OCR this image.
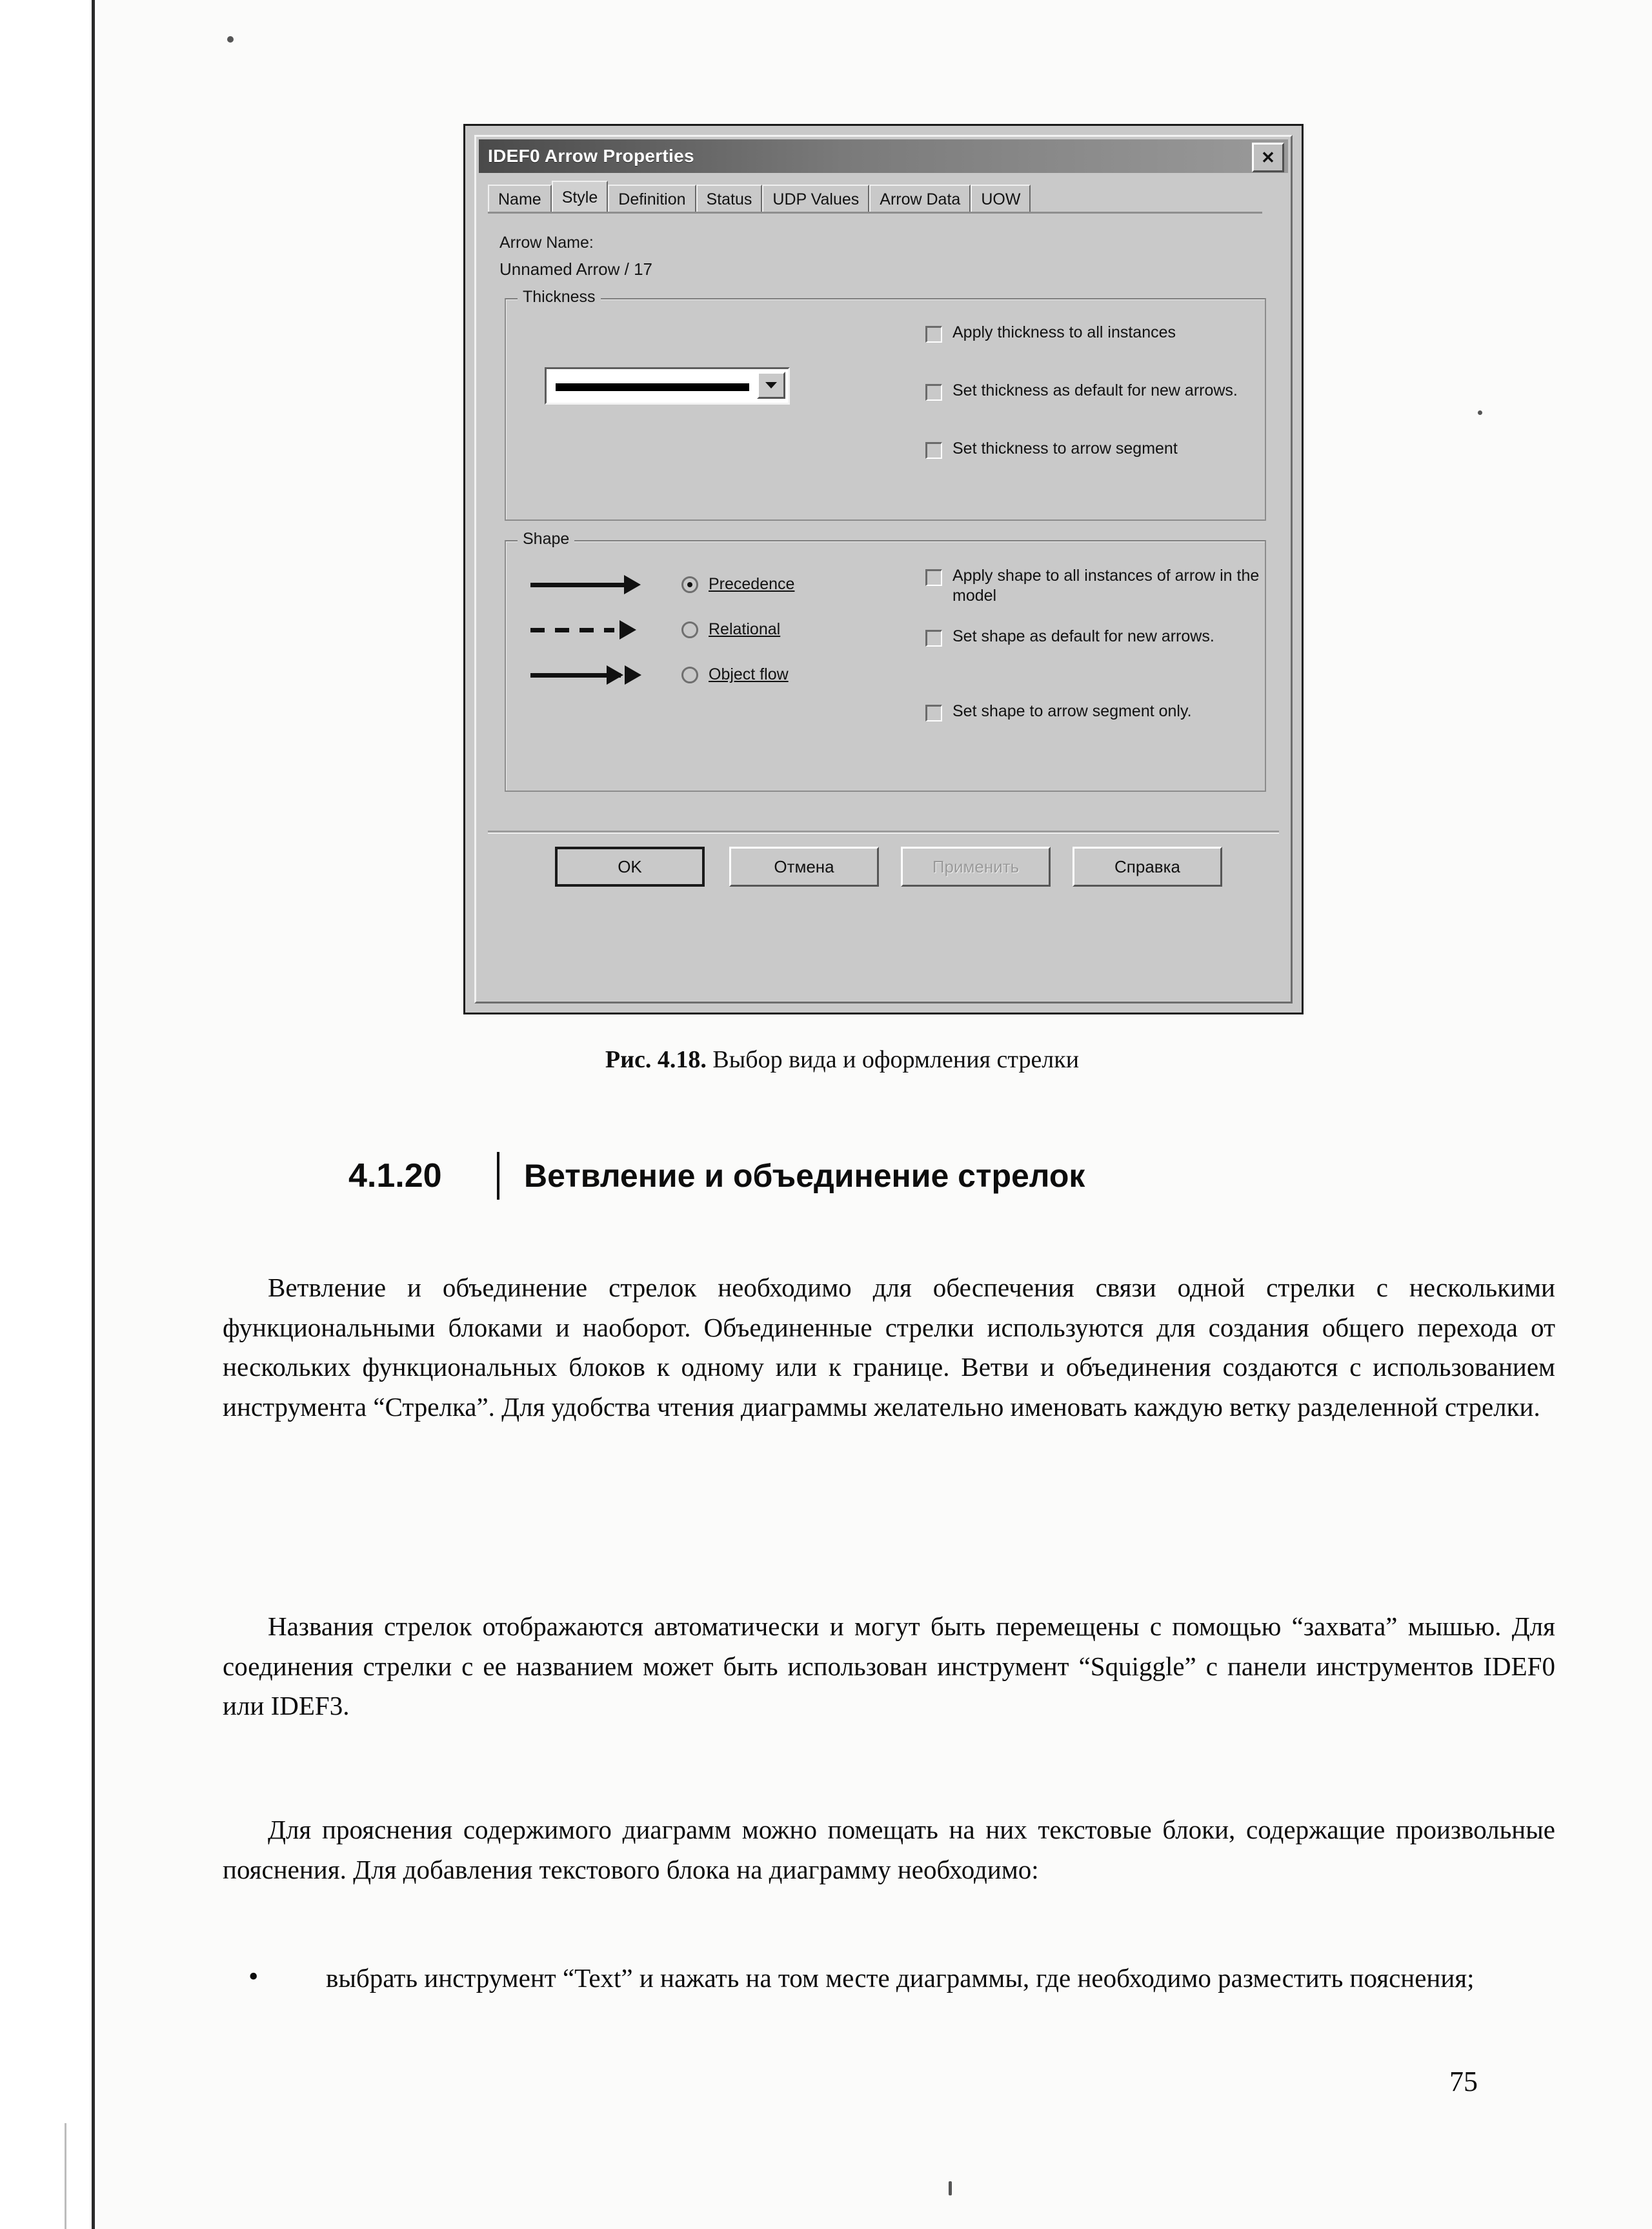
IDEF0 Arrow Properties	✕
Name	Style	Definition	Status	UDP Values	Arrow Data	UOW
Arrow Name:
Unnamed Arrow / 17
Thickness
Apply thickness to all instances
Set thickness as default for new arrows.
Set thickness to arrow segment
Shape
Precedence
Relational
Object flow
Apply shape to all instances of arrow in the model
Set shape as default for new arrows.
Set shape to arrow segment only.
OK	Отмена	Применить	Справка
Рис. 4.18. Выбор вида и оформления стрелки
4.1.20	Ветвление и объединение стрелок

Ветвление и объединение стрелок необходимо для обеспечения связи одной стрелки с несколькими функциональными блоками и наоборот. Объединенные стрелки используются для создания общего перехода от нескольких функциональных блоков к одному или к границе. Ветви и объединения создаются с использованием инструмента “Стрелка”. Для удобства чтения диаграммы желательно именовать каждую ветку разделенной стрелки.

Названия стрелок отображаются автоматически и могут быть перемещены с помощью “захвата” мышью. Для соединения стрелки с ее названием может быть использован инструмент “Squiggle” с панели инструментов IDEF0 или IDEF3.

Для прояснения содержимого диаграмм можно помещать на них текстовые блоки, содержащие произвольные пояснения. Для добавления текстового блока на диаграмму необходимо:

•	выбрать инструмент “Text” и нажать на том месте диаграммы, где необходимо разместить пояснения;
75
